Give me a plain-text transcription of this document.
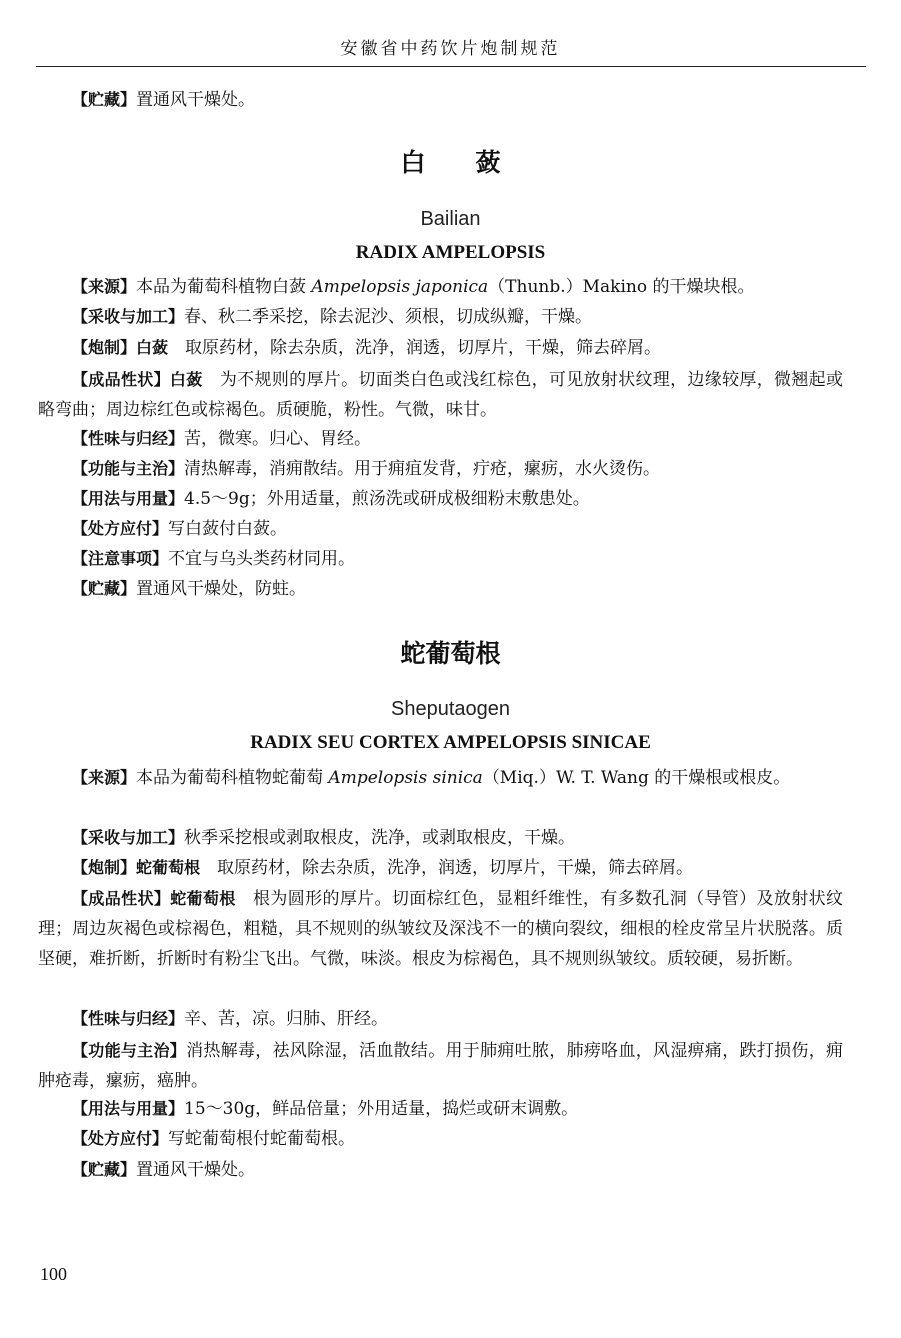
安徽省中药饮片炮制规范
【贮藏】置通风干燥处。
白　　蔹
Bailian
RADIX AMPELOPSIS
【来源】本品为葡萄科植物白蔹 Ampelopsis japonica（Thunb.）Makino 的干燥块根。
【采收与加工】春、秋二季采挖，除去泥沙、须根，切成纵瓣，干燥。
【炮制】白蔹　取原药材，除去杂质，洗净，润透，切厚片，干燥，筛去碎屑。
【成品性状】白蔹　为不规则的厚片。切面类白色或浅红棕色，可见放射状纹理，边缘较厚，微翘起或略弯曲；周边棕红色或棕褐色。质硬脆，粉性。气微，味甘。
【性味与归经】苦，微寒。归心、胃经。
【功能与主治】清热解毒，消痈散结。用于痈疽发背，疔疮，瘰疬，水火烫伤。
【用法与用量】4.5～9g；外用适量，煎汤洗或研成极细粉末敷患处。
【处方应付】写白蔹付白蔹。
【注意事项】不宜与乌头类药材同用。
【贮藏】置通风干燥处，防蛀。
蛇葡萄根
Sheputaogen
RADIX SEU CORTEX AMPELOPSIS SINICAE
【来源】本品为葡萄科植物蛇葡萄 Ampelopsis sinica（Miq.）W. T. Wang 的干燥根或根皮。
【采收与加工】秋季采挖根或剥取根皮，洗净，或剥取根皮，干燥。
【炮制】蛇葡萄根　取原药材，除去杂质，洗净，润透，切厚片，干燥，筛去碎屑。
【成品性状】蛇葡萄根　根为圆形的厚片。切面棕红色，显粗纤维性，有多数孔洞（导管）及放射状纹理；周边灰褐色或棕褐色，粗糙，具不规则的纵皱纹及深浅不一的横向裂纹，细根的栓皮常呈片状脱落。质坚硬，难折断，折断时有粉尘飞出。气微，味淡。根皮为棕褐色，具不规则纵皱纹。质较硬，易折断。
【性味与归经】辛、苦，凉。归肺、肝经。
【功能与主治】消热解毒，祛风除湿，活血散结。用于肺痈吐脓，肺痨咯血，风湿痹痛，跌打损伤，痈肿疮毒，瘰疬，癌肿。
【用法与用量】15～30g，鲜品倍量；外用适量，捣烂或研末调敷。
【处方应付】写蛇葡萄根付蛇葡萄根。
【贮藏】置通风干燥处。
100
